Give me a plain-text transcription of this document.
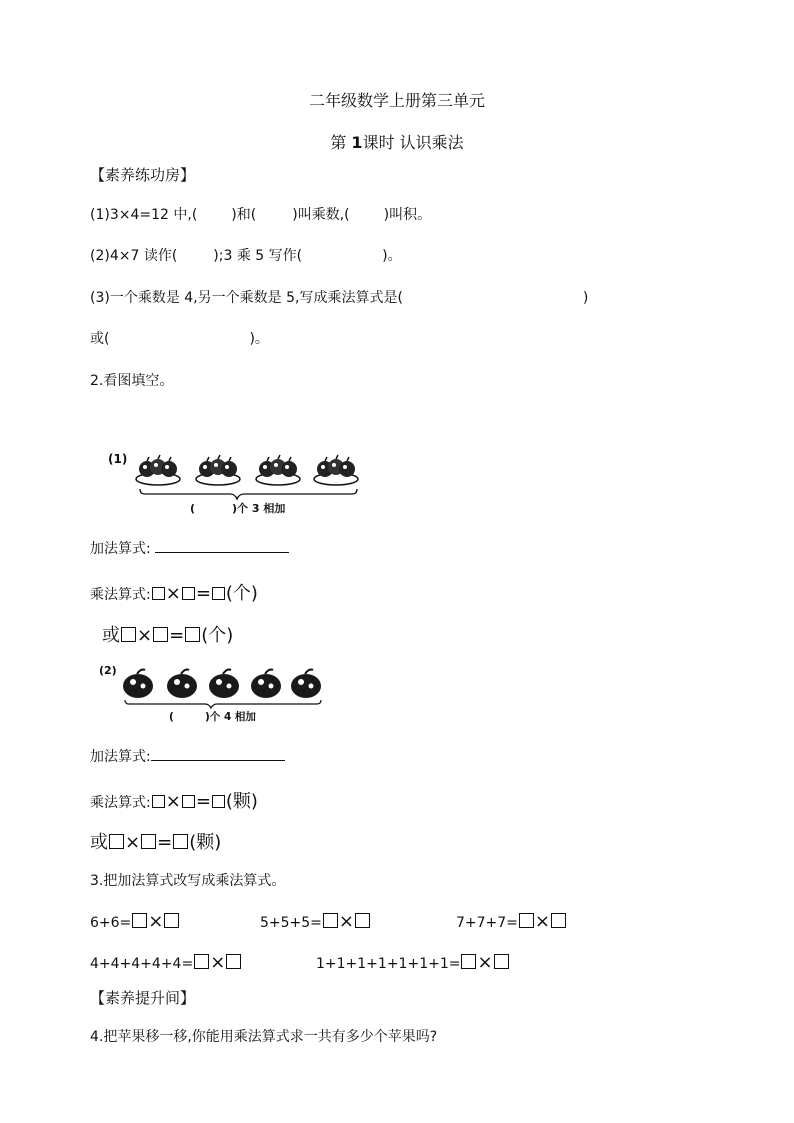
二年级数学上册第三单元
第 1课时 认识乘法
【素养练功房】
(1)3×4=12 中,( )和(	)叫乘数,( )叫积。
(2)4×7 读作(	);3 乘 5 写作(	)。
(3)一个乘数是 4,另一个乘数是 5,写成乘法算式是(	)
或(	)。
2.看图填空。
(1)
(	)个 3 相加
加法算式:
乘法算式: × = (个)
或 × = (个)
(2)
(	)个 4 相加
加法算式:
乘法算式: × = (颗)
或 × = (颗)
3.把加法算式改写成乘法算式。
6+6= ×	5+5+5= ×	7+7+7= ×
4+4+4+4+4= ×	1+1+1+1+1+1+1= ×
【素养提升间】
4.把苹果移一移,你能用乘法算式求一共有多少个苹果吗?
